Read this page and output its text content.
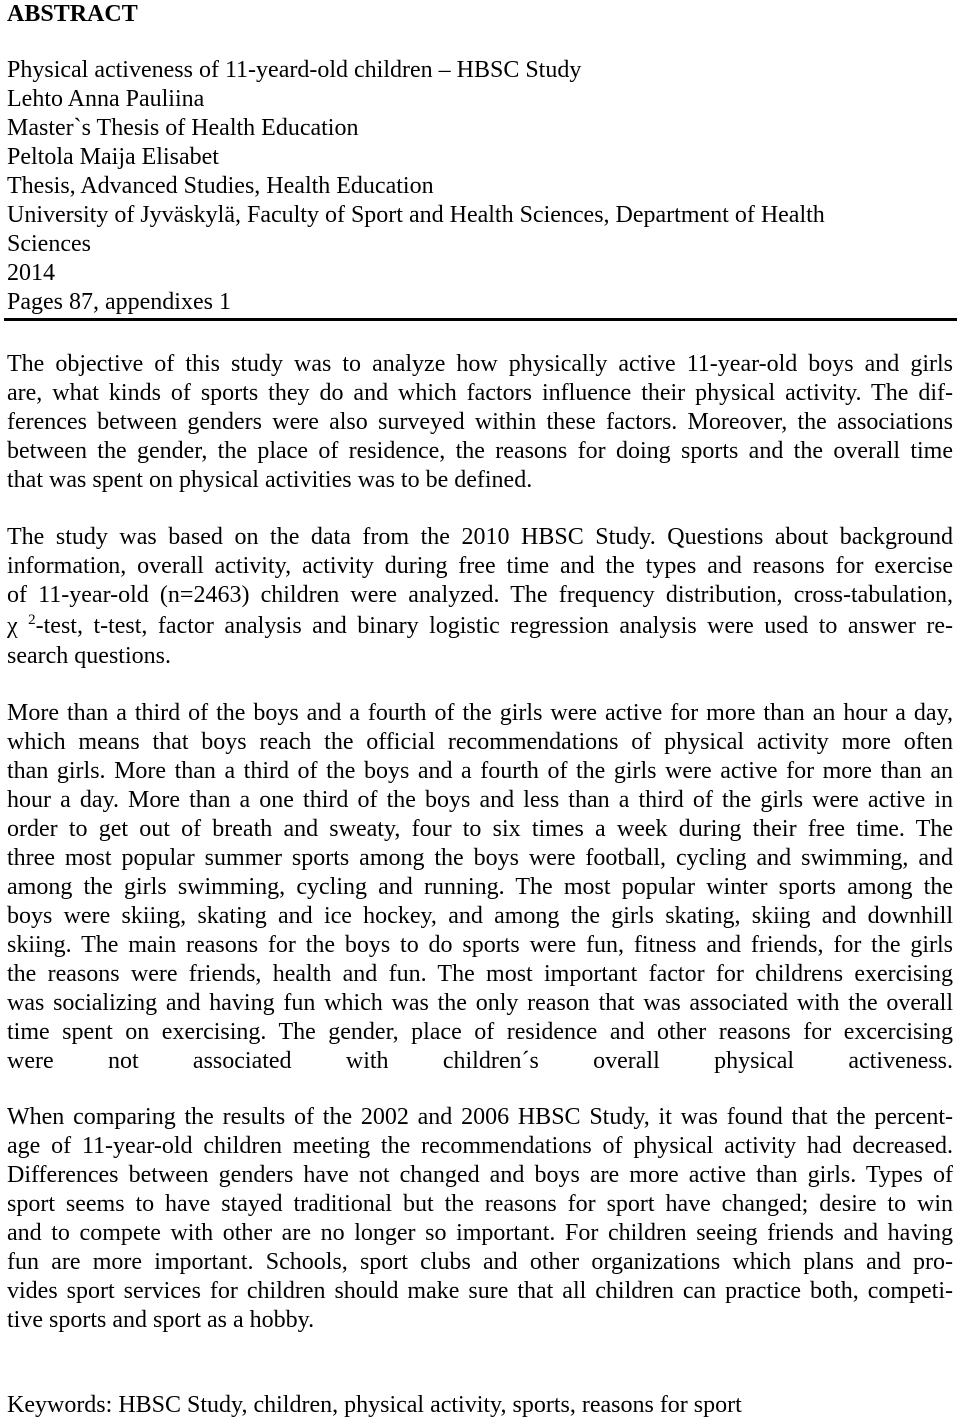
ABSTRACT
Physical activeness of 11-yeard-old children – HBSC Study
Lehto Anna Pauliina
Master`s Thesis of Health Education
Peltola Maija Elisabet
Thesis, Advanced Studies, Health Education
University of Jyväskylä, Faculty of Sport and Health Sciences, Department of Health
Sciences
2014
Pages 87, appendixes 1
The objective of this study was to analyze how physically active 11-year-old boys and girls
are, what kinds of sports they do and which factors influence their physical activity. The dif-
ferences between genders were also surveyed within these factors. Moreover, the associations
between the gender, the place of residence, the reasons for doing sports and the overall time
that was spent on physical activities was to be defined.
The study was based on the data from the 2010 HBSC Study. Questions about background
information, overall activity, activity during free time and the types and reasons for exercise
of 11-year-old (n=2463) children were analyzed. The frequency distribution, cross-tabulation,
χ $^2$-test, t-test, factor analysis and binary logistic regression analysis were used to answer re-
search questions.
More than a third of the boys and a fourth of the girls were active for more than an hour a day,
which means that boys reach the official recommendations of physical activity more often
than girls. More than a third of the boys and a fourth of the girls were active for more than an
hour a day. More than a one third of the boys and less than a third of the girls were active in
order to get out of breath and sweaty, four to six times a week during their free time. The
three most popular summer sports among the boys were football, cycling and swimming, and
among the girls swimming, cycling and running. The most popular winter sports among the
boys were skiing, skating and ice hockey, and among the girls skating, skiing and downhill
skiing. The main reasons for the boys to do sports were fun, fitness and friends, for the girls
the reasons were friends, health and fun. The most important factor for childrens exercising
was socializing and having fun which was the only reason that was associated with the overall
time spent on exercising. The gender, place of residence and other reasons for excercising
were not associated with children´s overall physical activeness.
When comparing the results of the 2002 and 2006 HBSC Study, it was found that the percent-
age of 11-year-old children meeting the recommendations of physical activity had decreased.
Differences between genders have not changed and boys are more active than girls. Types of
sport seems to have stayed traditional but the reasons for sport have changed; desire to win
and to compete with other are no longer so important. For children seeing friends and having
fun are more important. Schools, sport clubs and other organizations which plans and pro-
vides sport services for children should make sure that all children can practice both, competi-
tive sports and sport as a hobby.
Keywords: HBSC Study, children, physical activity, sports, reasons for sport
